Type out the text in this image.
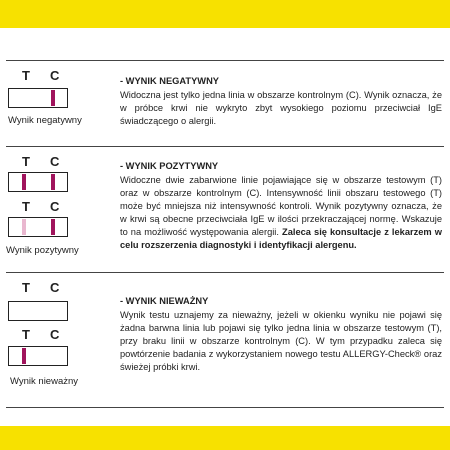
T C
Wynik negatywny
- WYNIK NEGATYWNY
Widoczna jest tylko jedna linia w obszarze kontrolnym (C). Wynik oznacza, że w próbce krwi nie wykryto zbyt wysokiego poziomu przeciwciał IgE świadczącego o alergii.
T C
T C
Wynik pozytywny
- WYNIK POZYTYWNY
Widoczne dwie zabarwione linie pojawiające się w obszarze testowym (T) oraz w obszarze kontrolnym (C). Intensywność linii obszaru testowego (T) może być mniejsza niż intensywność kontroli. Wynik pozytywny oznacza, że w krwi są obecne przeciwciała IgE w ilości przekraczającej normę. Wskazuje to na możliwość występowania alergii. Zaleca się konsultacje z lekarzem w celu rozszerzenia diagnostyki i identyfikacji alergenu.
T C
T C
Wynik nieważny
- WYNIK NIEWAŻNY
Wynik testu uznajemy za nieważny, jeżeli w okienku wyniku nie pojawi się żadna barwna linia lub pojawi się tylko jedna linia w obszarze testowym (T), przy braku linii w obszarze kontrolnym (C). W tym przypadku zaleca się powtórzenie badania z wykorzystaniem nowego testu ALLERGY-Check® oraz świeżej próbki krwi.
